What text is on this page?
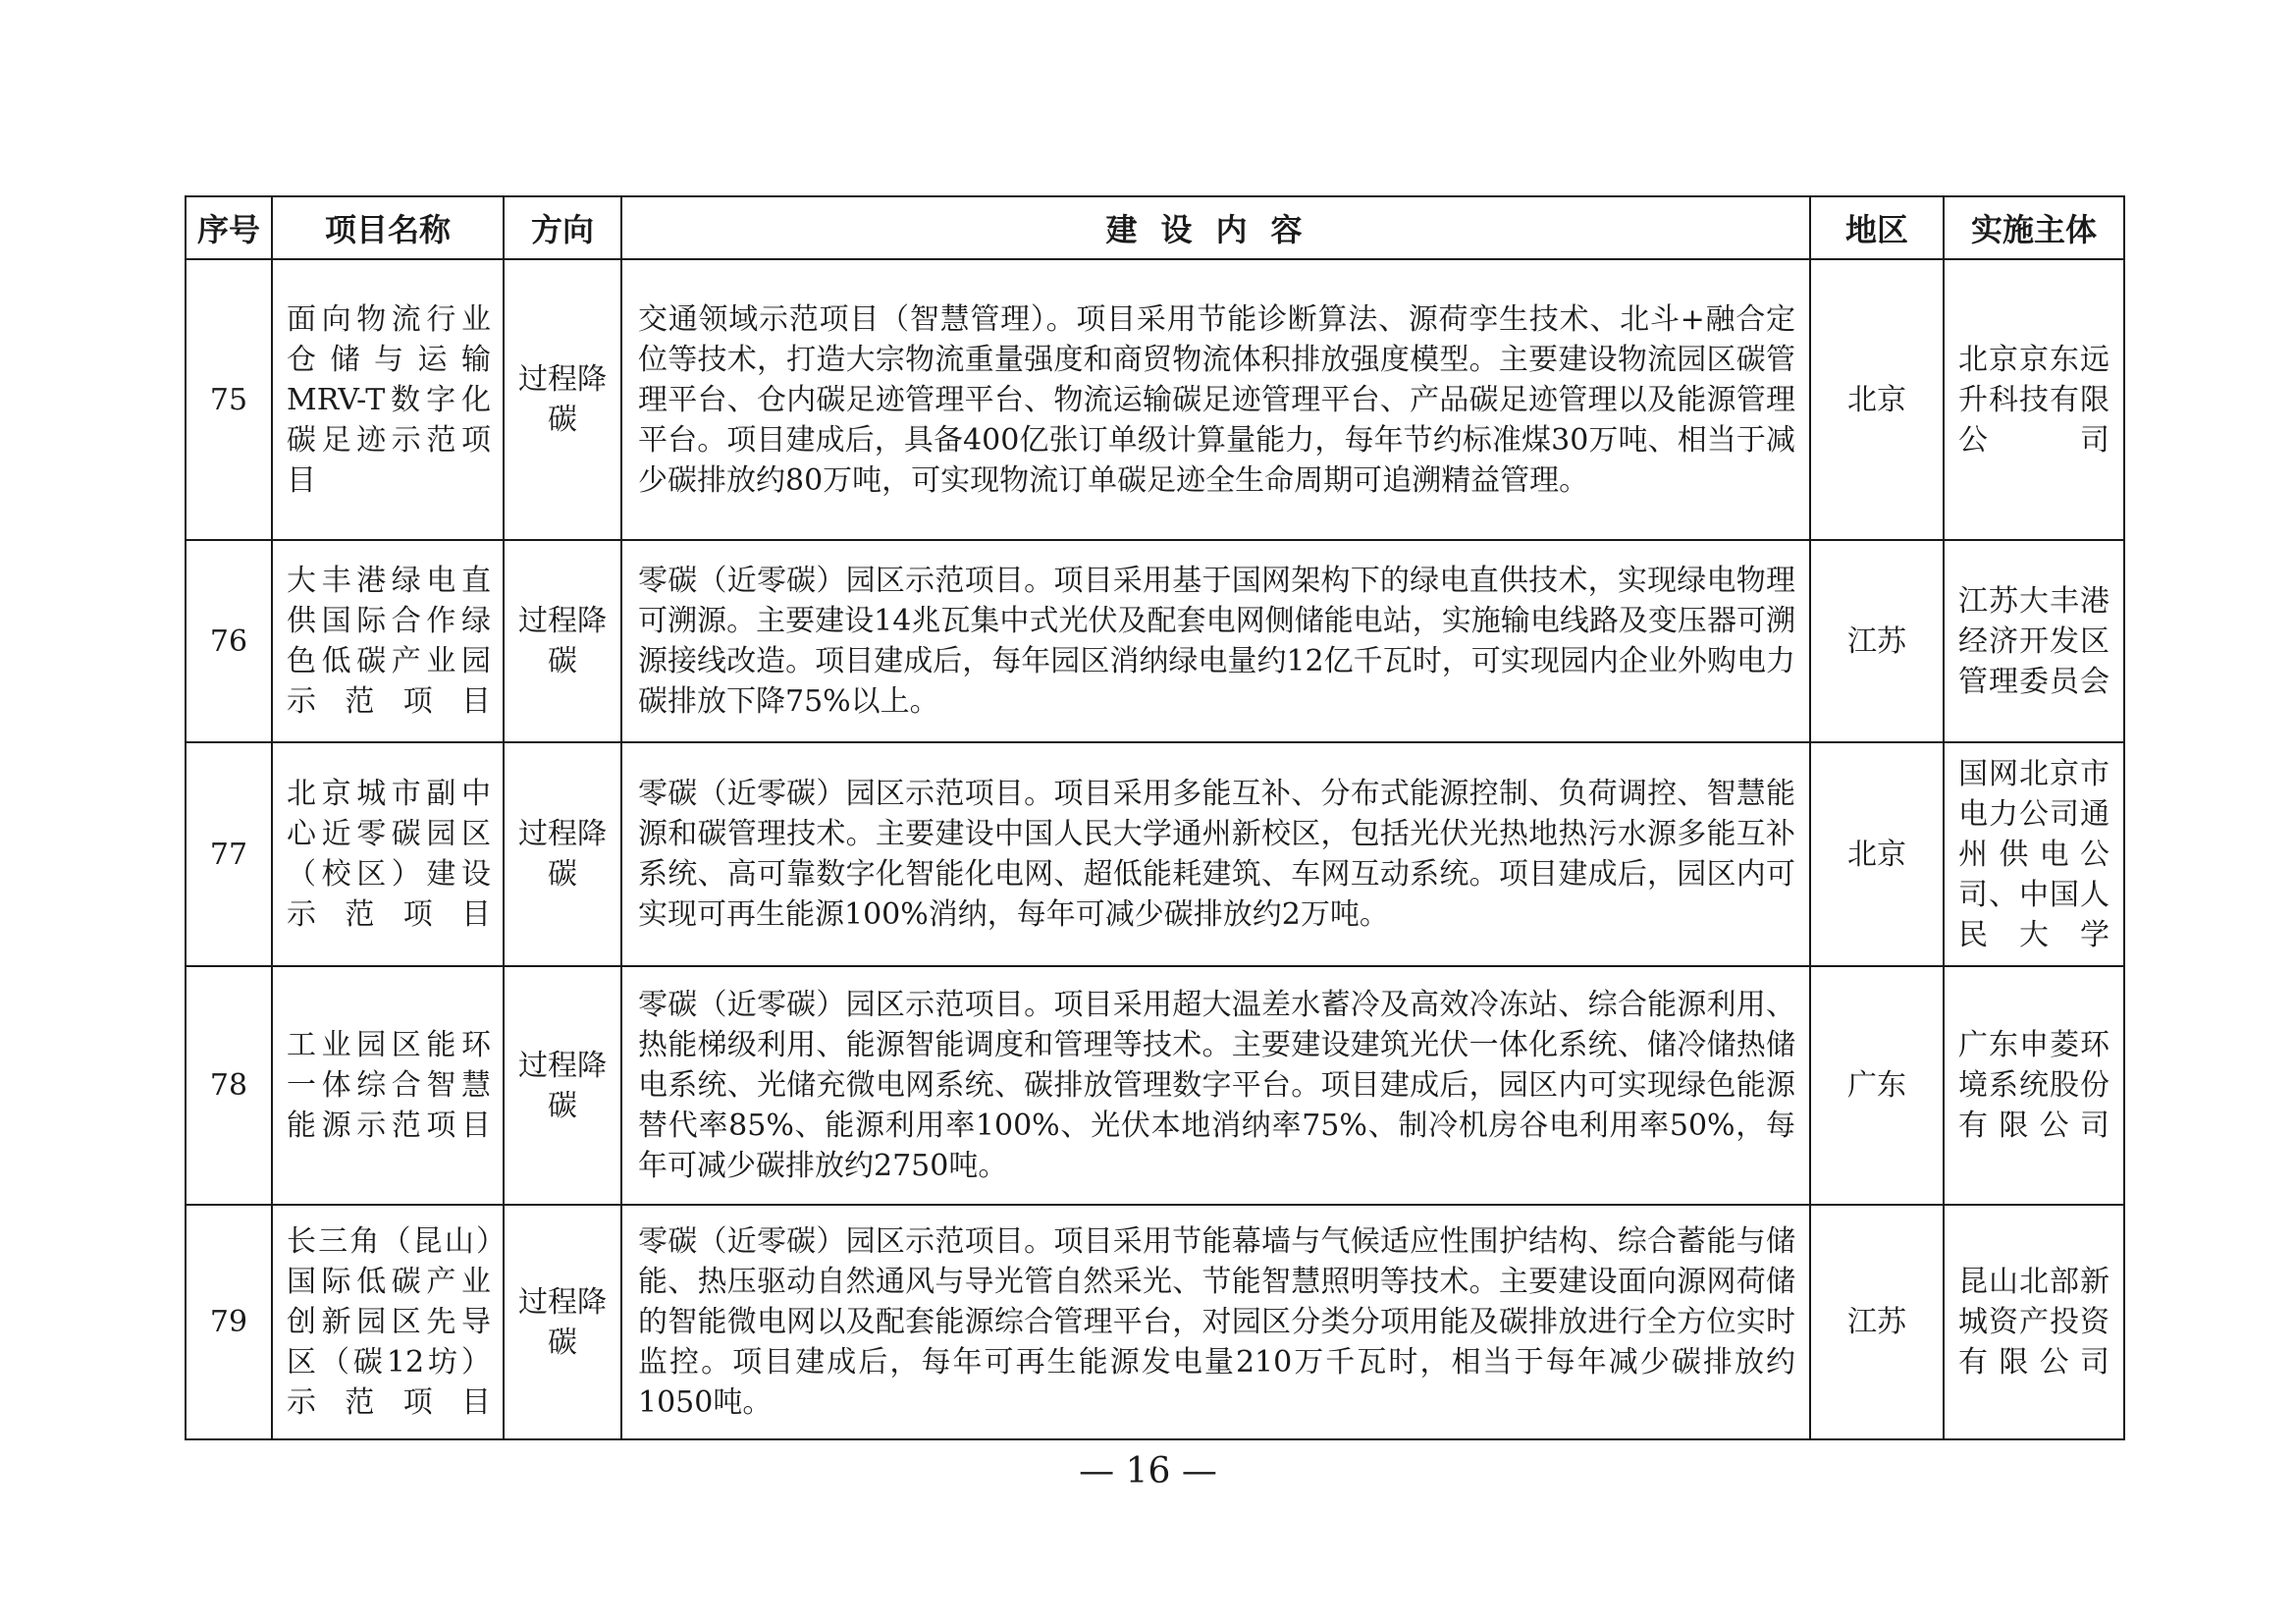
序号	项目名称	方向	建设内容	地区	实施主体
75	面向物流行业仓储与运输MRV-T数字化碳足迹示范项目	过程降碳	交通领域示范项目（智慧管理）。项目采用节能诊断算法、源荷孪生技术、北斗+融合定位等技术，打造大宗物流重量强度和商贸物流体积排放强度模型。主要建设物流园区碳管理平台、仓内碳足迹管理平台、物流运输碳足迹管理平台、产品碳足迹管理以及能源管理平台。项目建成后，具备400亿张订单级计算量能力，每年节约标准煤30万吨、相当于减少碳排放约80万吨，可实现物流订单碳足迹全生命周期可追溯精益管理。	北京	北京京东远升科技有限公司
76	大丰港绿电直供国际合作绿色低碳产业园示范项目	过程降碳	零碳（近零碳）园区示范项目。项目采用基于国网架构下的绿电直供技术，实现绿电物理可溯源。主要建设14兆瓦集中式光伏及配套电网侧储能电站，实施输电线路及变压器可溯源接线改造。项目建成后，每年园区消纳绿电量约12亿千瓦时，可实现园内企业外购电力碳排放下降75%以上。	江苏	江苏大丰港经济开发区管理委员会
77	北京城市副中心近零碳园区（校区）建设示范项目	过程降碳	零碳（近零碳）园区示范项目。项目采用多能互补、分布式能源控制、负荷调控、智慧能源和碳管理技术。主要建设中国人民大学通州新校区，包括光伏光热地热污水源多能互补系统、高可靠数字化智能化电网、超低能耗建筑、车网互动系统。项目建成后，园区内可实现可再生能源100%消纳，每年可减少碳排放约2万吨。	北京	国网北京市电力公司通州供电公司、中国人民大学
78	工业园区能环一体综合智慧能源示范项目	过程降碳	零碳（近零碳）园区示范项目。项目采用超大温差水蓄冷及高效冷冻站、综合能源利用、热能梯级利用、能源智能调度和管理等技术。主要建设建筑光伏一体化系统、储冷储热储电系统、光储充微电网系统、碳排放管理数字平台。项目建成后，园区内可实现绿色能源替代率85%、能源利用率100%、光伏本地消纳率75%、制冷机房谷电利用率50%，每年可减少碳排放约2750吨。	广东	广东申菱环境系统股份有限公司
79	长三角（昆山）国际低碳产业创新园区先导区（碳12坊）示范项目	过程降碳	零碳（近零碳）园区示范项目。项目采用节能幕墙与气候适应性围护结构、综合蓄能与储能、热压驱动自然通风与导光管自然采光、节能智慧照明等技术。主要建设面向源网荷储的智能微电网以及配套能源综合管理平台，对园区分类分项用能及碳排放进行全方位实时监控。项目建成后，每年可再生能源发电量210万千瓦时，相当于每年减少碳排放约1050吨。	江苏	昆山北部新城资产投资有限公司
— 16 —
